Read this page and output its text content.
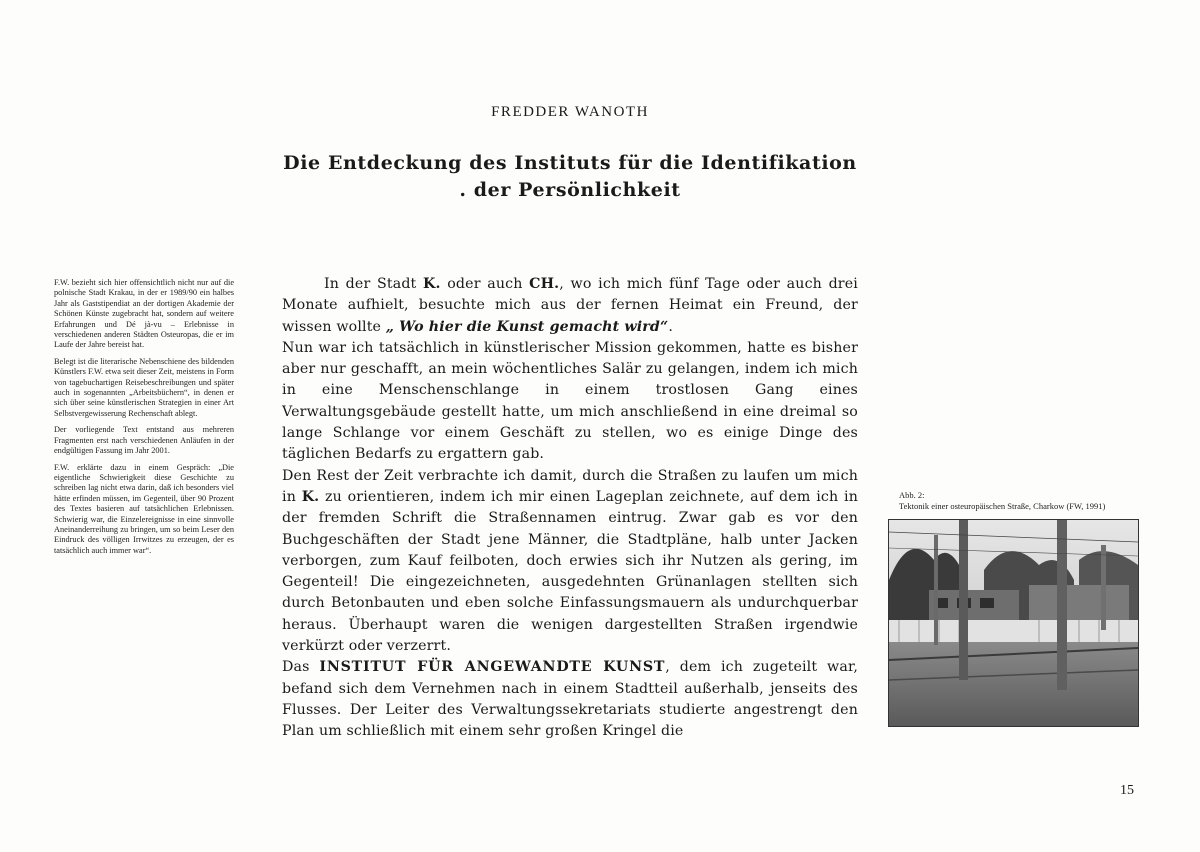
FREDDER WANOTH
Die Entdeckung des Instituts für die Identifikation
. der Persönlichkeit

F.W. bezieht sich hier offensichtlich nicht nur auf die polnische Stadt Krakau, in der er 1989/90 ein halbes Jahr als Gaststipendiat an der dortigen Akademie der Schönen Künste zugebracht hat, sondern auf weitere Erfahrungen und Dé jà-vu – Erlebnisse in verschiedenen anderen Städten Osteuropas, die er im Laufe der Jahre bereist hat.

Belegt ist die literarische Nebenschiene des bildenden Künstlers F.W. etwa seit dieser Zeit, meistens in Form von tagebuchartigen Reisebeschreibungen und später auch in sogenannten „Arbeitsbüchern“, in denen er sich über seine künstlerischen Strategien in einer Art Selbstvergewisserung Rechenschaft ablegt.

Der vorliegende Text entstand aus mehreren Fragmenten erst nach verschiedenen Anläufen in der endgültigen Fassung im Jahr 2001.

F.W. erklärte dazu in einem Gespräch: „Die eigentliche Schwierigkeit diese Geschichte zu schreiben lag nicht etwa darin, daß ich besonders viel hätte erfinden müssen, im Gegenteil, über 90 Prozent des Textes basieren auf tatsächlichen Erlebnissen. Schwierig war, die Einzelereignisse in eine sinnvolle Aneinanderreihung zu bringen, um so beim Leser den Eindruck des völligen Irrwitzes zu erzeugen, der es tatsächlich auch immer war“.

In der Stadt K. oder auch CH., wo ich mich fünf Tage oder auch drei Monate aufhielt, besuchte mich aus der fernen Heimat ein Freund, der wissen wollte „ Wo hier die Kunst gemacht wird“.

Nun war ich tatsächlich in künstlerischer Mission gekommen, hatte es bisher aber nur geschafft, an mein wöchentliches Salär zu gelangen, indem ich mich in eine Menschenschlange in einem trostlosen Gang eines Verwaltungsgebäude gestellt hatte, um mich anschließend in eine dreimal so lange Schlange vor einem Geschäft zu stellen, wo es einige Dinge des täglichen Bedarfs zu ergattern gab.

Den Rest der Zeit verbrachte ich damit, durch die Straßen zu laufen um mich in K. zu orientieren, indem ich mir einen Lageplan zeichnete, auf dem ich in der fremden Schrift die Straßennamen eintrug. Zwar gab es vor den Buchgeschäften der Stadt jene Männer, die Stadtpläne, halb unter Jacken verborgen, zum Kauf feilboten, doch erwies sich ihr Nutzen als gering, im Gegenteil! Die eingezeichneten, ausgedehnten Grünanlagen stellten sich durch Betonbauten und eben solche Einfassungsmauern als undurchquerbar heraus. Überhaupt waren die wenigen dargestellten Straßen irgendwie verkürzt oder verzerrt.

Das INSTITUT FÜR ANGEWANDTE KUNST, dem ich zugeteilt war, befand sich dem Vernehmen nach in einem Stadtteil außerhalb, jenseits des Flusses. Der Leiter des Verwaltungssekretariats studierte angestrengt den Plan um schließlich mit einem sehr großen Kringel die

Abb. 2:
Tektonik einer osteuropäischen Straße, Charkow (FW, 1991)
15
